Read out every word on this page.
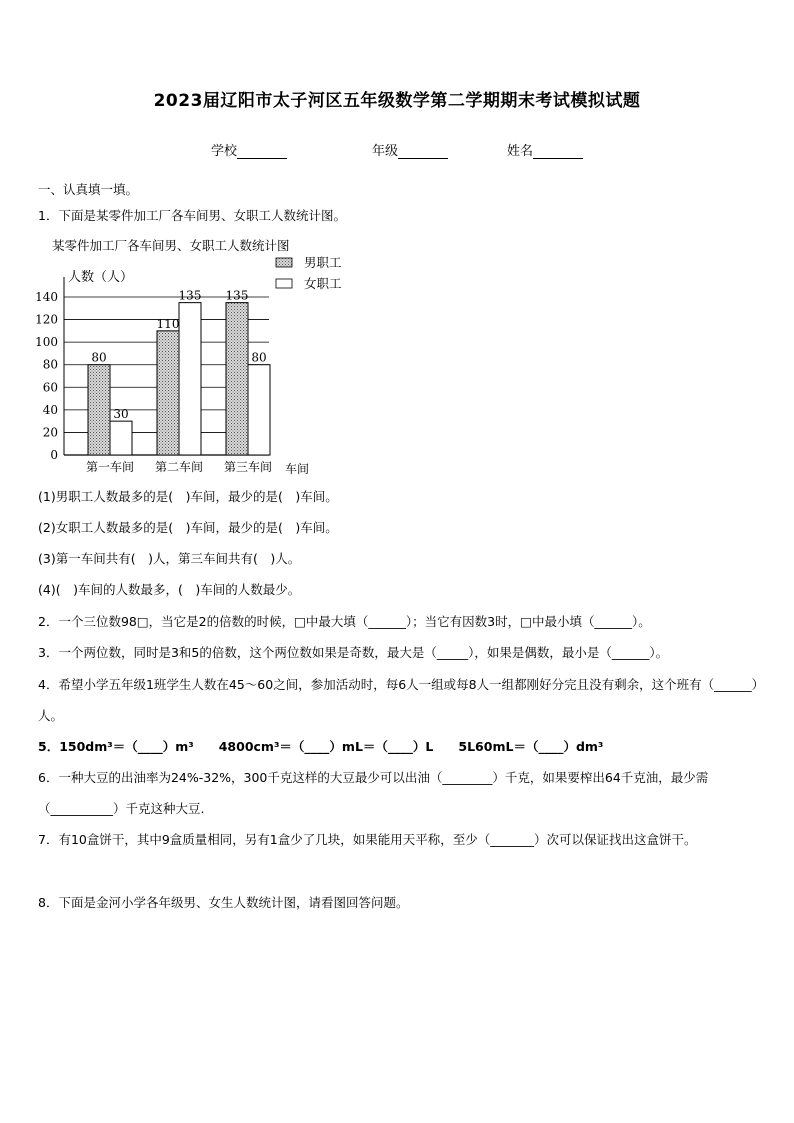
2023届辽阳市太子河区五年级数学第二学期期末考试模拟试题
学校	年级	姓名
一、认真填一填。
1．下面是某零件加工厂各车间男、女职工人数统计图。
某零件加工厂各车间男、女职工人数统计图
0
20
40
60
80
100
120
140
人数（人）
车间
80
30
第一车间
110
135
第二车间
135
80
第三车间
男职工
女职工
(1)男职工人数最多的是(　)车间，最少的是(　)车间。
(2)女职工人数最多的是(　)车间，最少的是(　)车间。
(3)第一车间共有(　)人，第三车间共有(　)人。
(4)(　)车间的人数最多，(　)车间的人数最少。
2．一个三位数98□，当它是2的倍数的时候，□中最大填（______）；当它有因数3时，□中最小填（______）。
3．一个两位数，同时是3和5的倍数，这个两位数如果是奇数，最大是（_____），如果是偶数，最小是（______）。
4．希望小学五年级1班学生人数在45～60之间，参加活动时，每6人一组或每8人一组都刚好分完且没有剩余，这个班有（______）人。
5．150dm³＝（____）m³　　4800cm³＝（____）mL＝（____）L　　5L60mL＝（____）dm³
6．一种大豆的出油率为24%-32%，300千克这样的大豆最少可以出油（________）千克，如果要榨出64千克油，最少需（__________）千克这种大豆.
7．有10盒饼干，其中9盒质量相同，另有1盒少了几块，如果能用天平称，至少（_______）次可以保证找出这盒饼干。
8．下面是金河小学各年级男、女生人数统计图，请看图回答问题。
